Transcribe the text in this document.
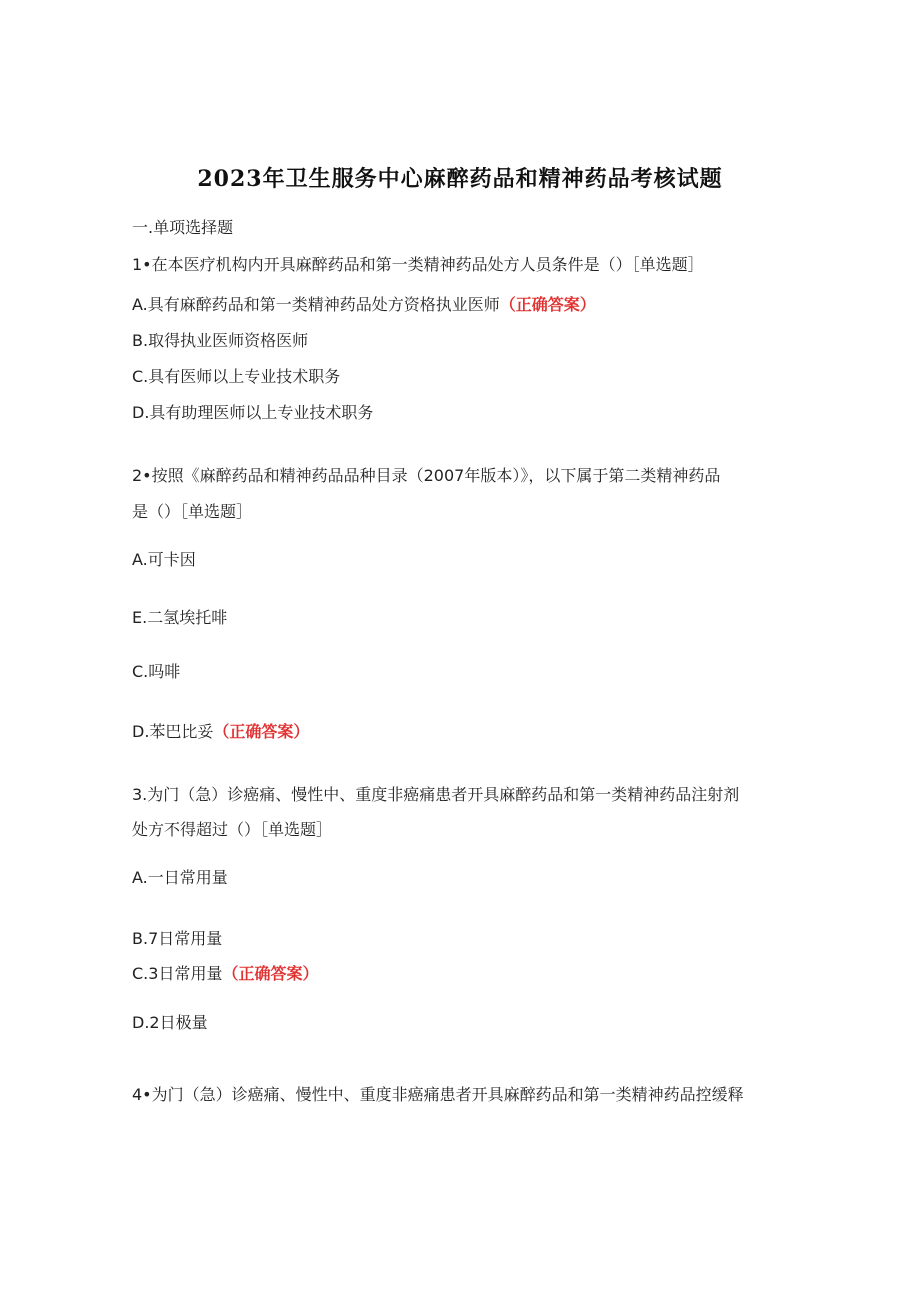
2023年卫生服务中心麻醉药品和精神药品考核试题
一.单项选择题
1•在本医疗机构内开具麻醉药品和第一类精神药品处方人员条件是（）［单选题］
A.具有麻醉药品和第一类精神药品处方资格执业医师（正确答案）
B.取得执业医师资格医师
C.具有医师以上专业技术职务
D.具有助理医师以上专业技术职务
2•按照《麻醉药品和精神药品品种目录（2007年版本）》，以下属于第二类精神药品
是（）［单选题］
A.可卡因
E.二氢埃托啡
C.吗啡
D.苯巴比妥（正确答案）
3.为门（急）诊癌痛、慢性中、重度非癌痛患者开具麻醉药品和第一类精神药品注射剂
处方不得超过（）［单选题］
A.一日常用量
B.7日常用量
C.3日常用量（正确答案）
D.2日极量
4•为门（急）诊癌痛、慢性中、重度非癌痛患者开具麻醉药品和第一类精神药品控缓释
